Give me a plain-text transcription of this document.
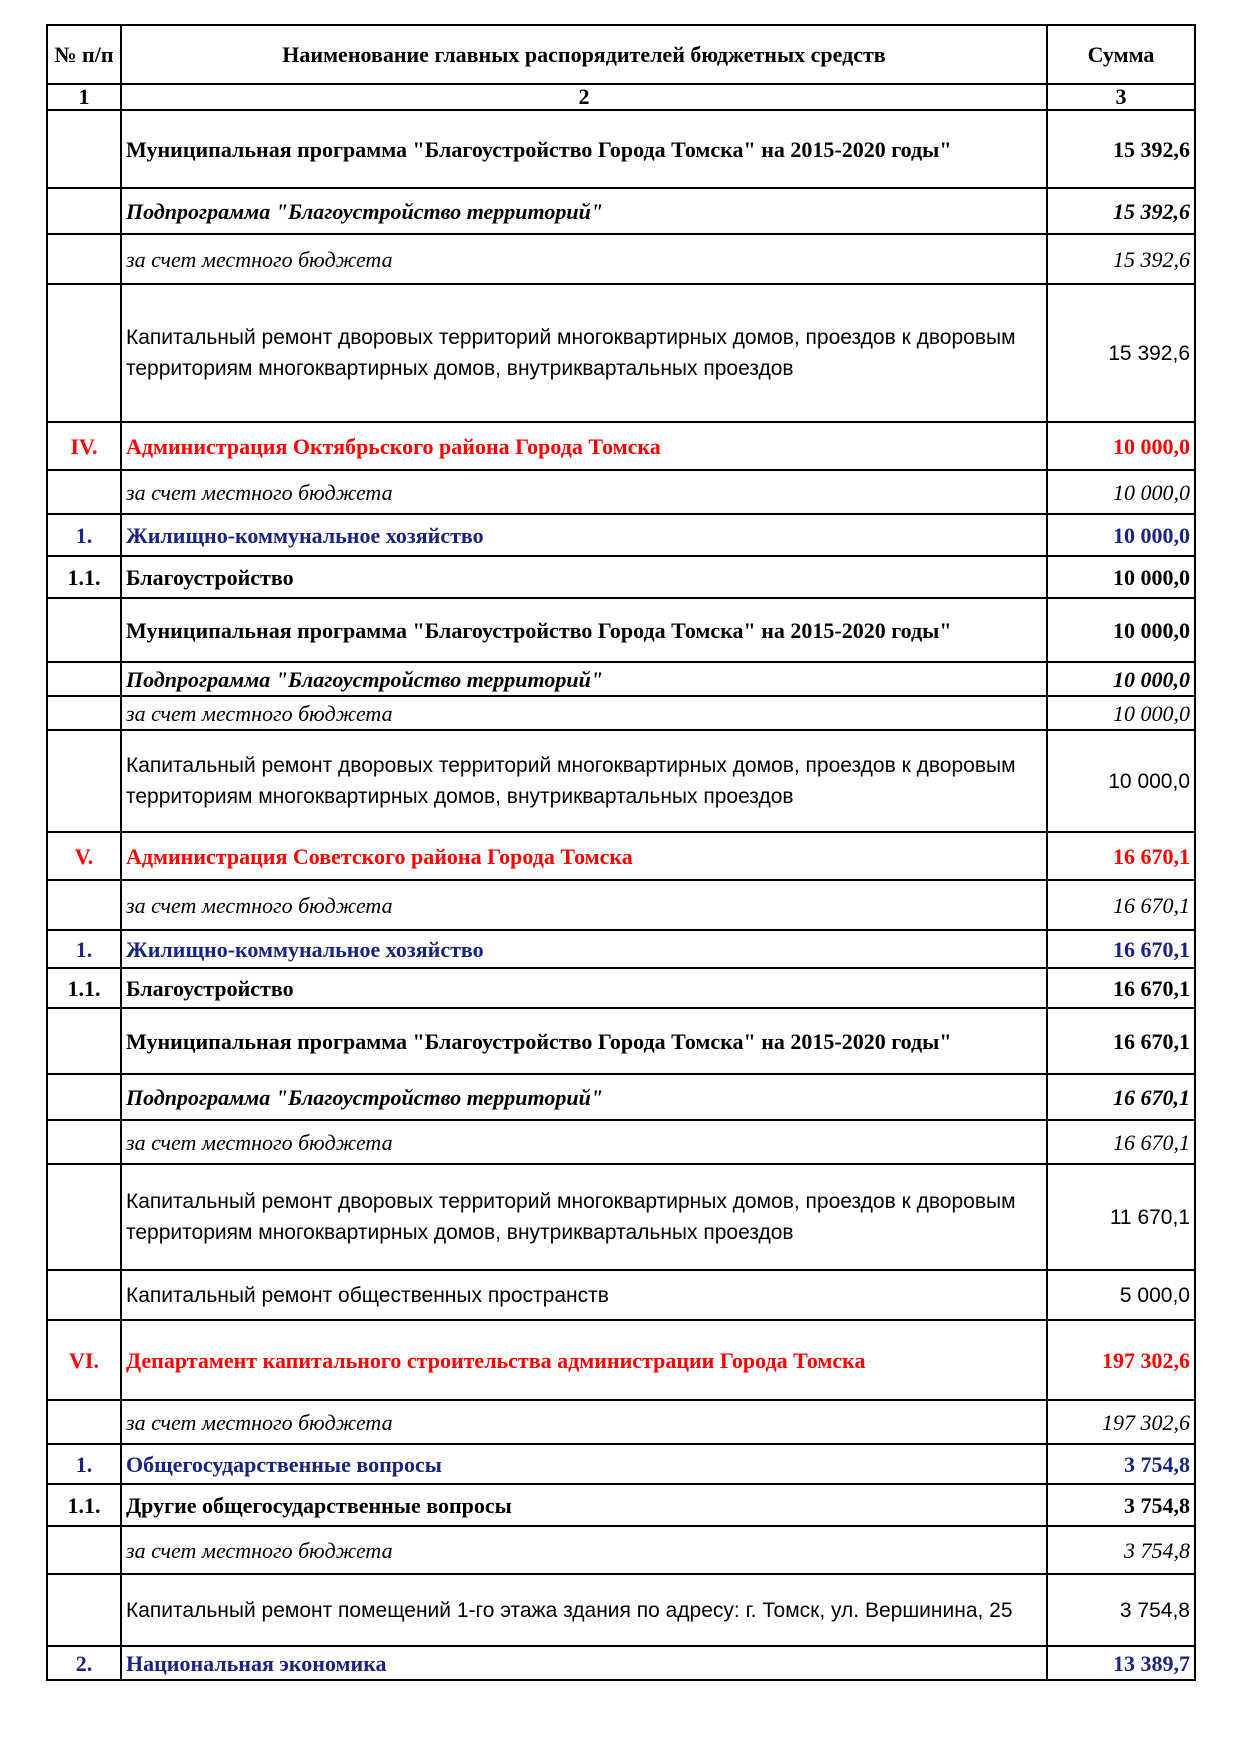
№ п/п	Наименование главных распорядителей бюджетных средств	Сумма
1	2	3
	Муниципальная программа "Благоустройство Города Томска" на 2015-2020 годы"	15 392,6
	Подпрограмма "Благоустройство территорий"	15 392,6
	за счет местного бюджета	15 392,6
	Капитальный ремонт дворовых территорий многоквартирных домов, проездов к дворовым территориям многоквартирных домов, внутриквартальных проездов	15 392,6
IV.	Администрация Октябрьского района Города Томска	10 000,0
	за счет местного бюджета	10 000,0
1.	Жилищно-коммунальное хозяйство	10 000,0
1.1.	Благоустройство	10 000,0
	Муниципальная программа "Благоустройство Города Томска" на 2015-2020 годы"	10 000,0
	Подпрограмма "Благоустройство территорий"	10 000,0
	за счет местного бюджета	10 000,0
	Капитальный ремонт дворовых территорий многоквартирных домов, проездов к дворовым территориям многоквартирных домов, внутриквартальных проездов	10 000,0
V.	Администрация Советского района Города Томска	16 670,1
	за счет местного бюджета	16 670,1
1.	Жилищно-коммунальное хозяйство	16 670,1
1.1.	Благоустройство	16 670,1
	Муниципальная программа "Благоустройство Города Томска" на 2015-2020 годы"	16 670,1
	Подпрограмма "Благоустройство территорий"	16 670,1
	за счет местного бюджета	16 670,1
	Капитальный ремонт дворовых территорий многоквартирных домов, проездов к дворовым территориям многоквартирных домов, внутриквартальных проездов	11 670,1
	Капитальный ремонт общественных пространств	5 000,0
VI.	Департамент капитального строительства администрации Города Томска	197 302,6
	за счет местного бюджета	197 302,6
1.	Общегосударственные вопросы	3 754,8
1.1.	Другие общегосударственные вопросы	3 754,8
	за счет местного бюджета	3 754,8
	Капитальный ремонт помещений 1-го этажа здания по адресу: г. Томск, ул. Вершинина, 25	3 754,8
2.	Национальная экономика	13 389,7
